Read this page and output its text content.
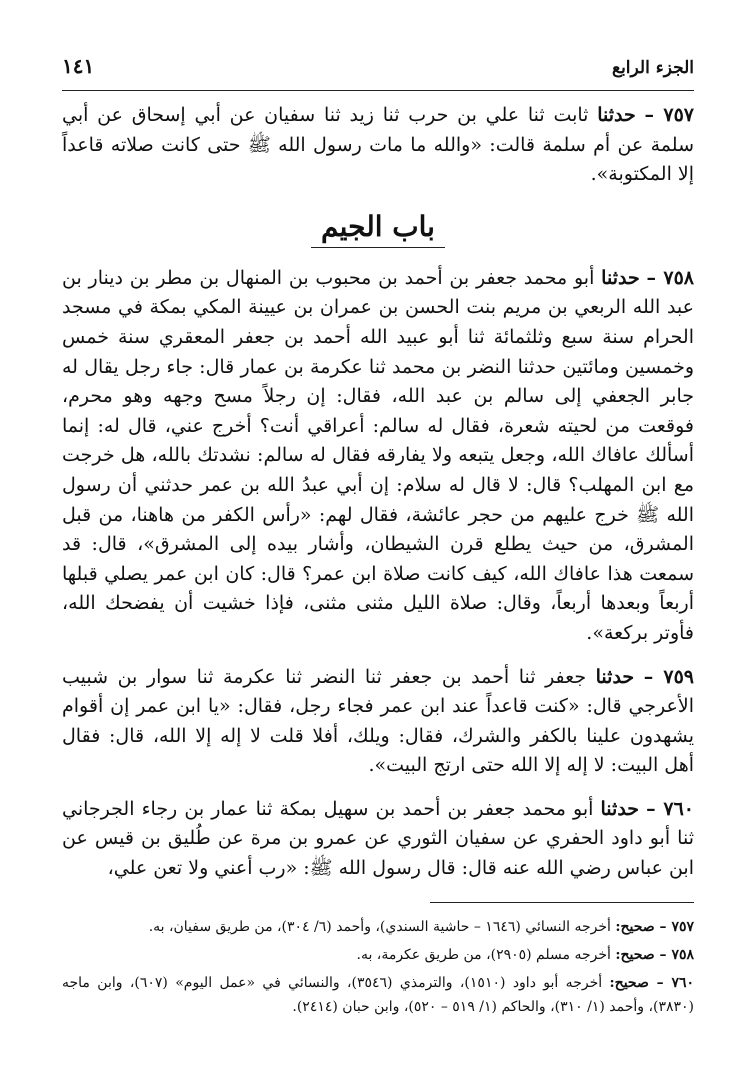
الجزء الرابع
١٤١
٧٥٧ – حدثنا ثابت ثنا علي بن حرب ثنا زيد ثنا سفيان عن أبي إسحاق عن أبي سلمة عن أم سلمة قالت: «والله ما مات رسول الله ﷺ حتى كانت صلاته قاعداً إلا المكتوبة».
باب الجيم
٧٥٨ – حدثنا أبو محمد جعفر بن أحمد بن محبوب بن المنهال بن مطر بن دينار بن عبد الله الربعي بن مريم بنت الحسن بن عمران بن عيينة المكي بمكة في مسجد الحرام سنة سبع وثلثمائة ثنا أبو عبيد الله أحمد بن جعفر المعقري سنة خمس وخمسين ومائتين حدثنا النضر بن محمد ثنا عكرمة بن عمار قال: جاء رجل يقال له جابر الجعفي إلى سالم بن عبد الله، فقال: إن رجلاً مسح وجهه وهو محرم، فوقعت من لحيته شعرة، فقال له سالم: أعراقي أنت؟ أخرج عني، قال له: إنما أسألك عافاك الله، وجعل يتبعه ولا يفارقه فقال له سالم: نشدتك بالله، هل خرجت مع ابن المهلب؟ قال: لا قال له سلام: إن أبي عبدُ الله بن عمر حدثني أن رسول الله ﷺ خرج عليهم من حجر عائشة، فقال لهم: «رأس الكفر من هاهنا، من قبل المشرق، من حيث يطلع قرن الشيطان، وأشار بيده إلى المشرق»، قال: قد سمعت هذا عافاك الله، كيف كانت صلاة ابن عمر؟ قال: كان ابن عمر يصلي قبلها أربعاً وبعدها أربعاً، وقال: صلاة الليل مثنى مثنى، فإذا خشيت أن يفضحك الله، فأوتر بركعة».
٧٥٩ – حدثنا جعفر ثنا أحمد بن جعفر ثنا النضر ثنا عكرمة ثنا سوار بن شبيب الأعرجي قال: «كنت قاعداً عند ابن عمر فجاء رجل، فقال: «يا ابن عمر إن أقوام يشهدون علينا بالكفر والشرك، فقال: ويلك، أفلا قلت لا إله إلا الله، قال: فقال أهل البيت: لا إله إلا الله حتى ارتج البيت».
٧٦٠ – حدثنا أبو محمد جعفر بن أحمد بن سهيل بمكة ثنا عمار بن رجاء الجرجاني ثنا أبو داود الحفري عن سفيان الثوري عن عمرو بن مرة عن طُليق بن قيس عن ابن عباس رضي الله عنه قال: قال رسول الله ﷺ: «رب أعني ولا تعن علي،
٧٥٧ – صحيح: أخرجه النسائي (١٦٤٦ – حاشية السندي)، وأحمد (٦/ ٣٠٤)، من طريق سفيان، به.
٧٥٨ – صحيح: أخرجه مسلم (٢٩٠٥)، من طريق عكرمة، به.
٧٦٠ – صحيح: أخرجه أبو داود (١٥١٠)، والترمذي (٣٥٤٦)، والنسائي في «عمل اليوم» (٦٠٧)، وابن ماجه (٣٨٣٠)، وأحمد (١/ ٣١٠)، والحاكم (١/ ٥١٩ – ٥٢٠)، وابن حبان (٢٤١٤).
